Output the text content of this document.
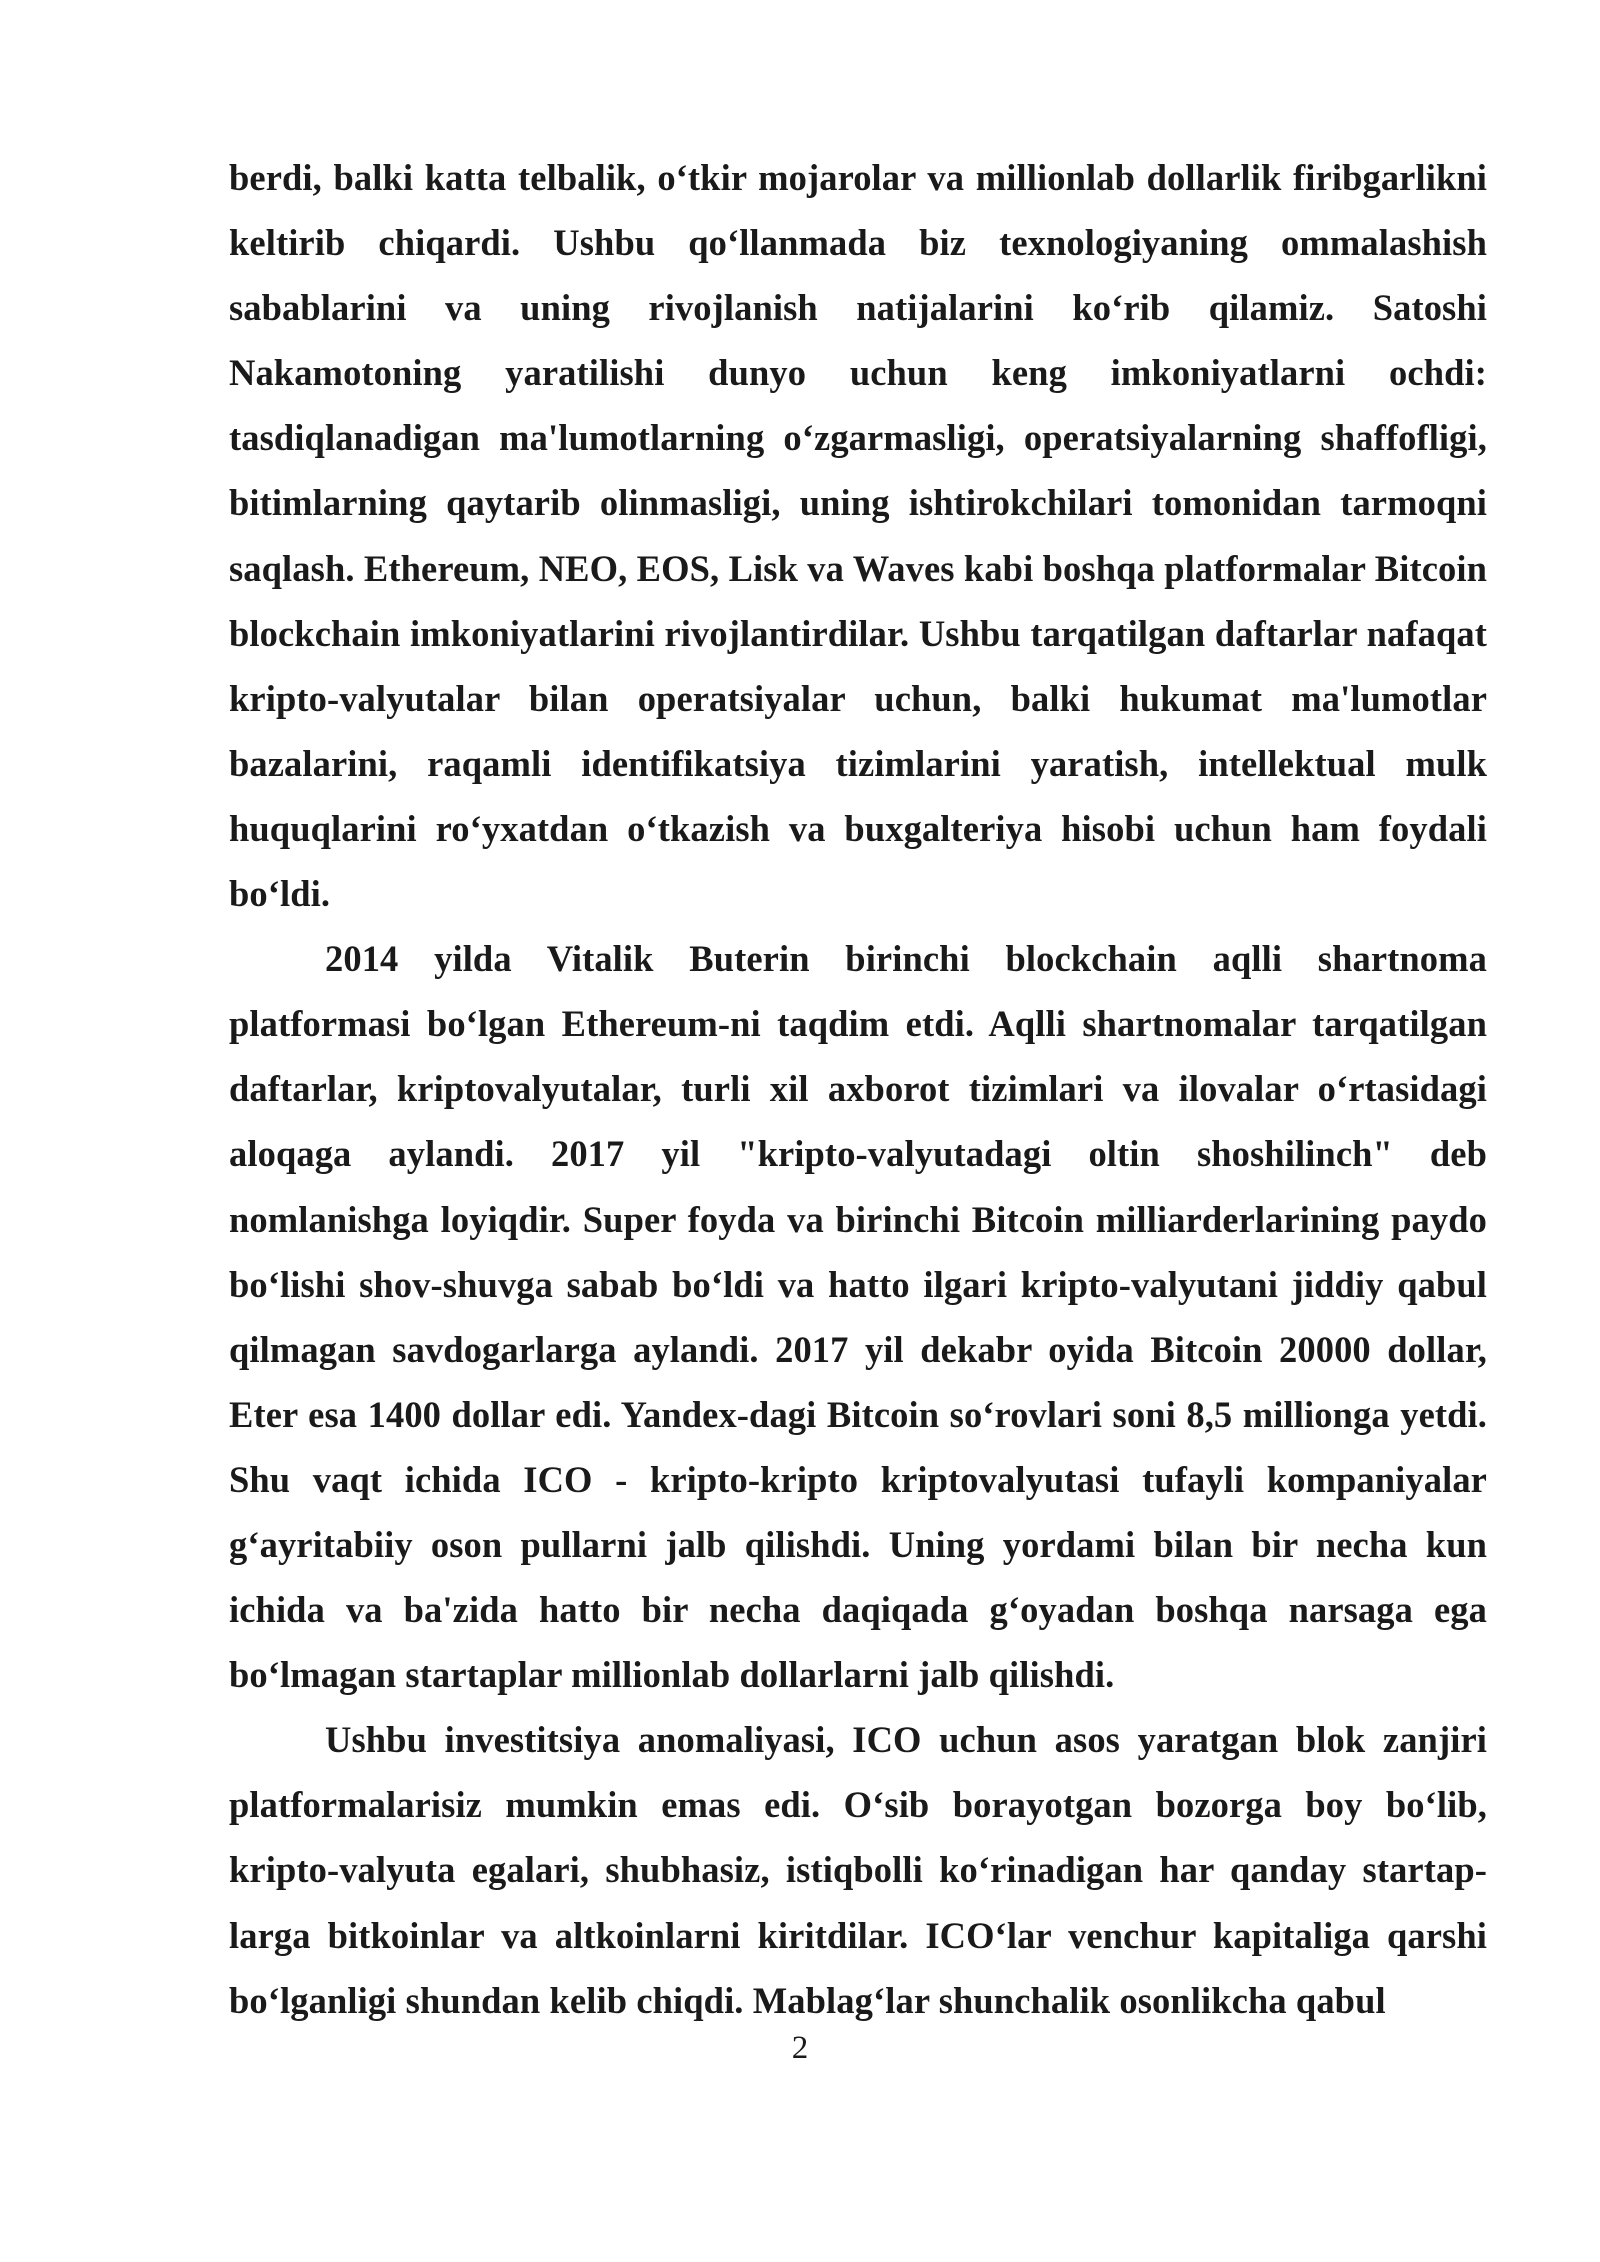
berdi, balki katta telbalik, o‘tkir mojarolar va millionlab dollarlik firibgarlikni keltirib chiqardi. Ushbu qo‘llanmada biz texnologiyaning ommalashish sabablarini va uning rivojlanish natijalarini ko‘rib qilamiz. Satoshi Nakamotoning yaratilishi dunyo uchun keng imkoniyatlarni ochdi: tasdiqlanadigan ma'lumotlarning o‘zgarmasligi, operatsiyalarning shaffofligi, bitimlarning qaytarib olinmasligi, uning ishtirokchilari tomonidan tarmoqni saqlash. Ethereum, NEO, EOS, Lisk va Waves kabi boshqa platformalar Bitcoin blockchain imkoniyatlarini rivojlantirdilar. Ushbu tarqatilgan daftarlar nafaqat kripto-valyutalar bilan operatsiyalar uchun, balki hukumat ma'lumotlar bazalarini, raqamli identifikatsiya tizimlarini yaratish, intellektual mulk huquqlarini ro‘yxatdan o‘tkazish va buxgalteriya hisobi uchun ham foydali bo‘ldi.

2014 yilda Vitalik Buterin birinchi blockchain aqlli shartnoma platformasi bo‘lgan Ethereum-ni taqdim etdi. Aqlli shartnomalar tarqatilgan daftarlar, kriptovalyutalar, turli xil axborot tizimlari va ilovalar o‘rtasidagi aloqaga aylandi. 2017 yil "kripto-valyutadagi oltin shoshilinch" deb nomlanishga loyiqdir. Super foyda va birinchi Bitcoin milliarderlarining paydo bo‘lishi shov-shuvga sabab bo‘ldi va hatto ilgari kripto-valyutani jiddiy qabul qilmagan savdogarlarga aylandi. 2017 yil dekabr oyida Bitcoin 20000 dollar, Eter esa 1400 dollar edi. Yandex-dagi Bitcoin so‘rovlari soni 8,5 millionga yetdi. Shu vaqt ichida ICO - kripto-kripto kriptovalyutasi tufayli kompaniyalar g‘ayritabiiy oson pullarni jalb qilishdi. Uning yordami bilan bir necha kun ichida va ba'zida hatto bir necha daqiqada g‘oyadan boshqa narsaga ega bo‘lmagan startaplar millionlab dollarlarni jalb qilishdi.

Ushbu investitsiya anomaliyasi, ICO uchun asos yaratgan blok zanjiri platformalarisiz mumkin emas edi. O‘sib borayotgan bozorga boy bo‘lib, kripto-valyuta egalari, shubhasiz, istiqbolli ko‘rinadigan har qanday startap-larga bitkoinlar va altkoinlarni kiritdilar. ICO‘lar venchur kapitaliga qarshi bo‘lganligi shundan kelib chiqdi. Mablag‘lar shunchalik osonlikcha qabul

2
